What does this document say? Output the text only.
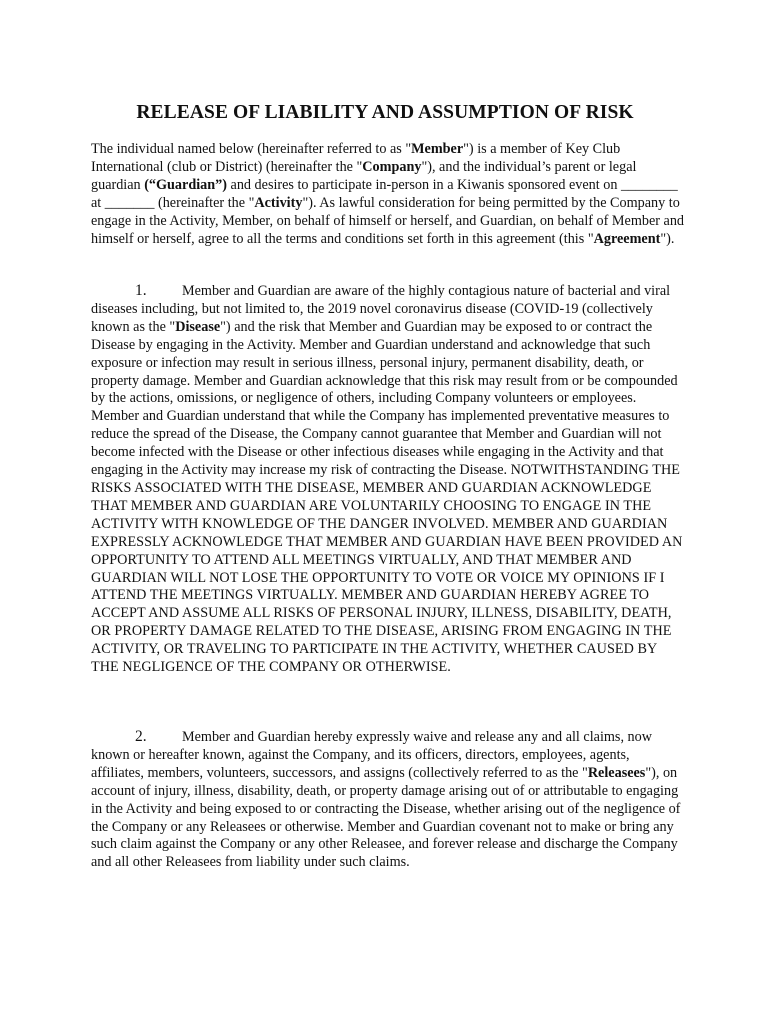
RELEASE OF LIABILITY AND ASSUMPTION OF RISK

The individual named below (hereinafter referred to as "Member") is a member of Key Club International (club or District) (hereinafter the "Company"), and the individual’s parent or legal guardian (“Guardian”) and desires to participate in-person in a Kiwanis sponsored event on ________ at _______ (hereinafter the "Activity"). As lawful consideration for being permitted by the Company to engage in the Activity, Member, on behalf of himself or herself, and Guardian, on behalf of Member and himself or herself, agree to all the terms and conditions set forth in this agreement (this "Agreement").

1. Member and Guardian are aware of the highly contagious nature of bacterial and viral diseases including, but not limited to, the 2019 novel coronavirus disease (COVID-19 (collectively known as the "Disease") and the risk that Member and Guardian may be exposed to or contract the Disease by engaging in the Activity. Member and Guardian understand and acknowledge that such exposure or infection may result in serious illness, personal injury, permanent disability, death, or property damage. Member and Guardian acknowledge that this risk may result from or be compounded by the actions, omissions, or negligence of others, including Company volunteers or employees. Member and Guardian understand that while the Company has implemented preventative measures to reduce the spread of the Disease, the Company cannot guarantee that Member and Guardian will not become infected with the Disease or other infectious diseases while engaging in the Activity and that engaging in the Activity may increase my risk of contracting the Disease. NOTWITHSTANDING THE RISKS ASSOCIATED WITH THE DISEASE, MEMBER AND GUARDIAN ACKNOWLEDGE THAT MEMBER AND GUARDIAN ARE VOLUNTARILY CHOOSING TO ENGAGE IN THE ACTIVITY WITH KNOWLEDGE OF THE DANGER INVOLVED. MEMBER AND GUARDIAN EXPRESSLY ACKNOWLEDGE THAT MEMBER AND GUARDIAN HAVE BEEN PROVIDED AN OPPORTUNITY TO ATTEND ALL MEETINGS VIRTUALLY, AND THAT MEMBER AND GUARDIAN WILL NOT LOSE THE OPPORTUNITY TO VOTE OR VOICE MY OPINIONS IF I ATTEND THE MEETINGS VIRTUALLY. MEMBER AND GUARDIAN HEREBY AGREE TO ACCEPT AND ASSUME ALL RISKS OF PERSONAL INJURY, ILLNESS, DISABILITY, DEATH, OR PROPERTY DAMAGE RELATED TO THE DISEASE, ARISING FROM ENGAGING IN THE ACTIVITY, OR TRAVELING TO PARTICIPATE IN THE ACTIVITY, WHETHER CAUSED BY THE NEGLIGENCE OF THE COMPANY OR OTHERWISE.

2. Member and Guardian hereby expressly waive and release any and all claims, now known or hereafter known, against the Company, and its officers, directors, employees, agents, affiliates, members, volunteers, successors, and assigns (collectively referred to as the "Releasees"), on account of injury, illness, disability, death, or property damage arising out of or attributable to engaging in the Activity and being exposed to or contracting the Disease, whether arising out of the negligence of the Company or any Releasees or otherwise. Member and Guardian covenant not to make or bring any such claim against the Company or any other Releasee, and forever release and discharge the Company and all other Releasees from liability under such claims.
